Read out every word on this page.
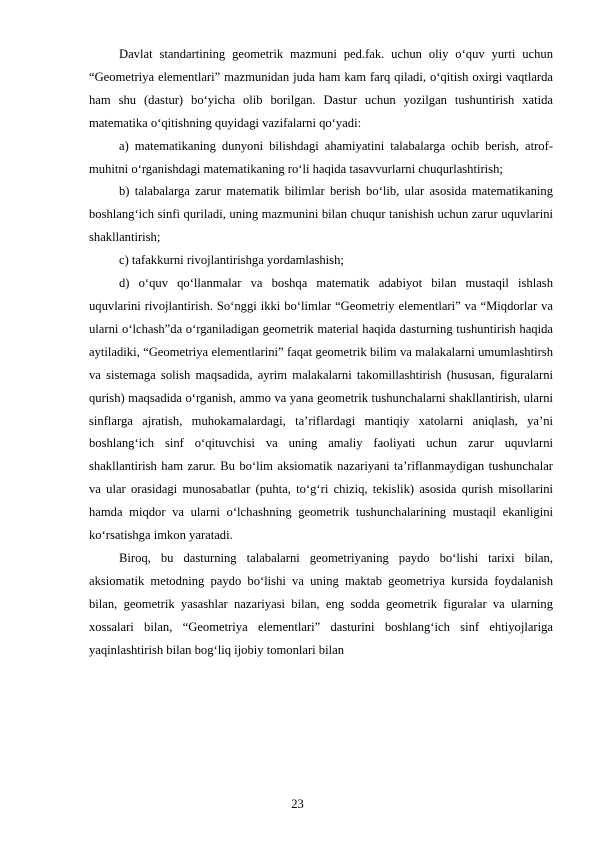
Davlat standartining geometrik mazmuni ped.fak. uchun oliy o‘quv yurti uchun “Geometriya elementlari” mazmunidan juda ham kam farq qiladi, o‘qitish oxirgi vaqtlarda ham shu (dastur) bo‘yicha olib borilgan. Dastur uchun yozilgan tushuntirish xatida matematika o‘qitishning quyidagi vazifalarni qo‘yadi:

a) matematikaning dunyoni bilishdagi ahamiyatini talabalarga ochib berish, atrof-muhitni o‘rganishdagi matematikaning ro‘li haqida tasavvurlarni chuqurlashtirish;

b) talabalarga zarur matematik bilimlar berish bo‘lib, ular asosida matematikaning boshlang‘ich sinfi quriladi, uning mazmunini bilan chuqur tanishish uchun zarur uquvlarini shakllantirish;

c) tafakkurni rivojlantirishga yordamlashish;

d) o‘quv qo‘llanmalar va boshqa matematik adabiyot bilan mustaqil ishlash uquvlarini rivojlantirish. So‘nggi ikki bo‘limlar “Geometriy elementlari” va “Miqdorlar va ularni o‘lchash”da o‘rganiladigan geometrik material haqida dasturning tushuntirish haqida aytiladiki, “Geometriya elementlarini” faqat geometrik bilim va malakalarni umumlashtirsh va sistemaga solish maqsadida, ayrim malakalarni takomillashtirish (hususan, figuralarni qurish) maqsadida o‘rganish, ammo va yana geometrik tushunchalarni shakllantirish, ularni sinflarga ajratish, muhokamalardagi, ta’riflardagi mantiqiy xatolarni aniqlash, ya’ni boshlang‘ich sinf o‘qituvchisi va uning amaliy faoliyati uchun zarur uquvlarni shakllantirish ham zarur. Bu bo‘lim aksiomatik nazariyani ta’riflanmaydigan tushunchalar va ular orasidagi munosabatlar (puhta, to‘g‘ri chiziq, tekislik) asosida qurish misollarini hamda miqdor va ularni o‘lchashning geometrik tushunchalarining mustaqil ekanligini ko‘rsatishga imkon yaratadi.

Biroq, bu dasturning talabalarni geometriyaning paydo bo‘lishi tarixi bilan, aksiomatik metodning paydo bo‘lishi va uning maktab geometriya kursida foydalanish bilan, geometrik yasashlar nazariyasi bilan, eng sodda geometrik figuralar va ularning xossalari bilan, “Geometriya elementlari” dasturini boshlang‘ich sinf ehtiyojlariga yaqinlashtirish bilan bog‘liq ijobiy tomonlari bilan

23
